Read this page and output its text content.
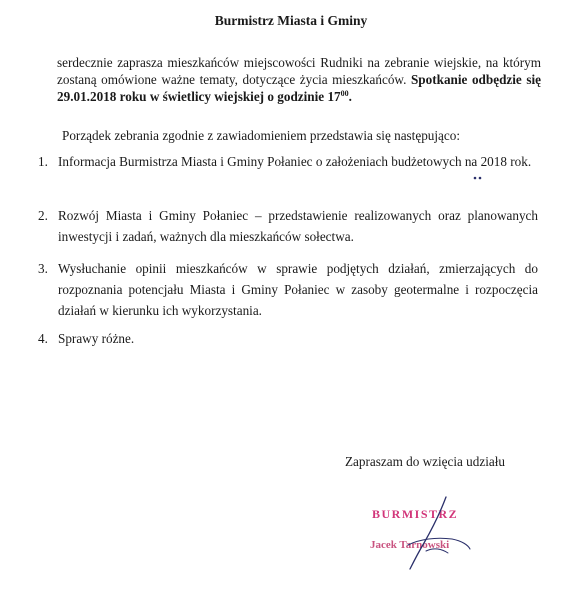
Burmistrz Miasta i Gminy
serdecznie zaprasza mieszkańców miejscowości Rudniki na zebranie wiejskie, na którym zostaną omówione ważne tematy, dotyczące życia mieszkańców. Spotkanie odbędzie się 29.01.2018 roku w świetlicy wiejskiej o godzinie $17^{00}$.
Porządek zebrania zgodnie z zawiadomieniem przedstawia się następująco:
1. Informacja Burmistrza Miasta i Gminy Połaniec o założeniach budżetowych na 2018 rok.
2. Rozwój Miasta i Gminy Połaniec – przedstawienie realizowanych oraz planowanych inwestycji i zadań, ważnych dla mieszkańców sołectwa.
3. Wysłuchanie opinii mieszkańców w sprawie podjętych działań, zmierzających do rozpoznania potencjału Miasta i Gminy Połaniec w zasoby geotermalne i rozpoczęcia działań w kierunku ich wykorzystania.
4. Sprawy różne.
Zapraszam do wzięcia udziału
BURMISTRZ
Jacek Tarnowski
